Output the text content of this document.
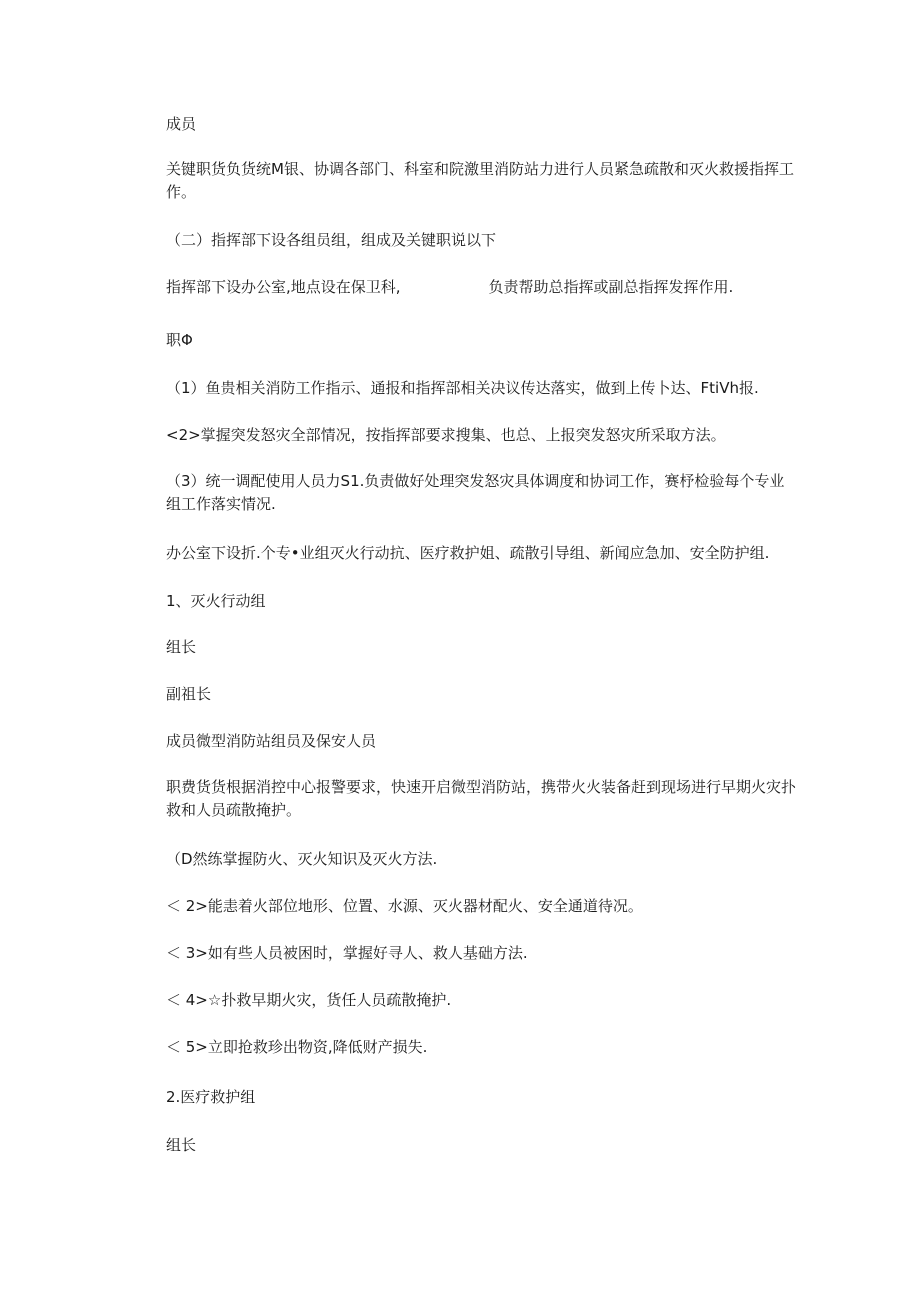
成员

关键职货负货统M银、协调各部门、科室和院激里消防站力进行人员紧急疏散和灭火救援指挥工作。

（二）指挥部下设各组员组，组成及关键职说以下

指挥部下设办公室,地点设在保卫科,	负责帮助总指挥或副总指挥发挥作用.

职Φ

（1）鱼贵相关消防工作指示、通报和指挥部相关决议传达落实，做到上传卜达、FtiVh报.

<2>掌握突发怒灾全部情况，按指挥部要求搜集、也总、上报突发怒灾所采取方法。

（3）统一调配使用人员力S1.负责做好处理突发怒灾具体调度和协词工作，赛杼检验每个专业组工作落实情况.

办公室下设折.个专•业组灭火行动抗、医疗救护姐、疏散引导组、新闻应急加、安全防护组.

1、灭火行动组

组长

副祖长

成员微型消防站组员及保安人员

职费货货根据消控中心报警要求，快速开启微型消防站，携带火火装备赶到现场进行早期火灾扑救和人员疏散掩护。

（D然练掌握防火、灭火知识及灭火方法.

＜ 2>能恚着火部位地形、位置、水源、灭火器材配火、安全通道待况。

＜ 3>如有些人员被困时，掌握好寻人、救人基础方法.

＜ 4>☆扑救早期火灾，货任人员疏散掩护.

＜ 5>立即抢救珍出物资,降低财产损失.

2.医疗救护组

组长
